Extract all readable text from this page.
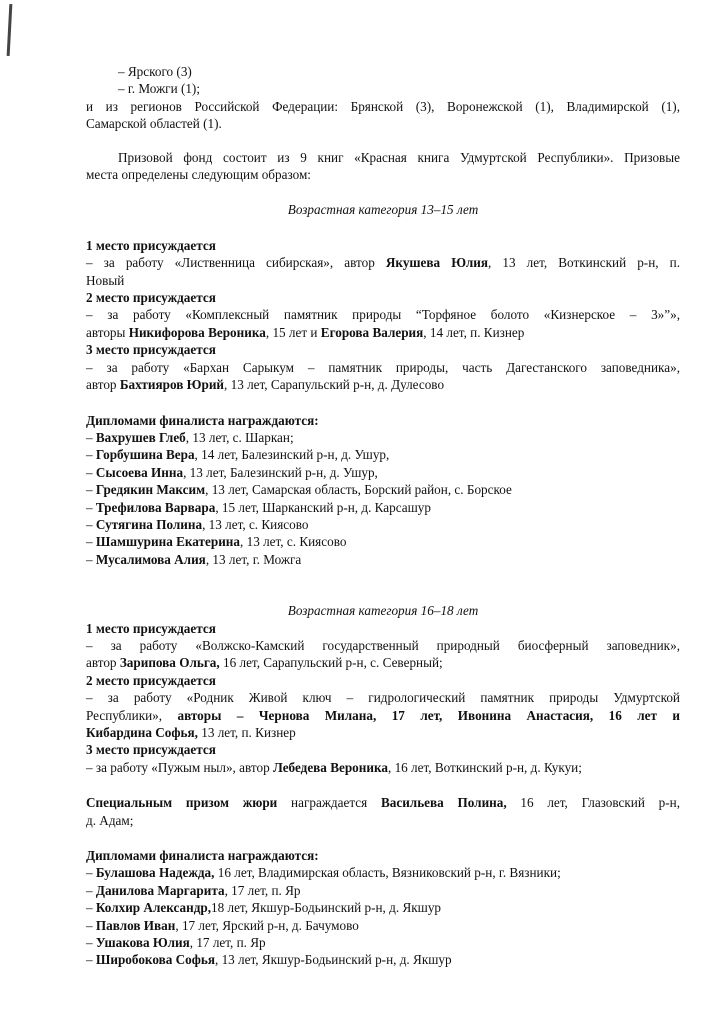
– Ярского (3)
– г. Можги (1);
и из регионов Российской Федерации: Брянской (3), Воронежской (1), Владимирской (1),
Самарской областей (1).
Призовой фонд состоит из 9 книг «Красная книга Удмуртской Республики». Призовые
места определены следующим образом:
Возрастная категория 13–15 лет
1 место присуждается
– за работу «Лиственница сибирская», автор Якушева Юлия, 13 лет, Воткинский р-н, п.
Новый
2 место присуждается
– за работу «Комплексный памятник природы “Торфяное болото «Кизнерское – 3»”»,
авторы Никифорова Вероника, 15 лет и Егорова Валерия, 14 лет, п. Кизнер
3 место присуждается
– за работу «Бархан Сарыкум – памятник природы, часть Дагестанского заповедника»,
автор Бахтияров Юрий, 13 лет, Сарапульский р-н, д. Дулесово
Дипломами финалиста награждаются:
– Вахрушев Глеб, 13 лет, с. Шаркан;
– Горбушина Вера, 14 лет, Балезинский р-н, д. Ушур,
– Сысоева Инна, 13 лет, Балезинский р-н, д. Ушур,
– Гредякин Максим, 13 лет, Самарская область, Борский район, с. Борское
– Трефилова Варвара, 15 лет, Шарканский р-н, д. Карсашур
– Сутягина Полина, 13 лет, с. Киясово
– Шамшурина Екатерина, 13 лет, с. Киясово
– Мусалимова Алия, 13 лет, г. Можга
Возрастная категория 16–18 лет
1 место присуждается
– за работу «Волжско-Камский государственный природный биосферный заповедник»,
автор Зарипова Ольга, 16 лет, Сарапульский р-н, с. Северный;
2 место присуждается
– за работу «Родник Живой ключ – гидрологический памятник природы Удмуртской
Республики», авторы – Чернова Милана, 17 лет, Ивонина Анастасия, 16 лет и
Кибардина Софья, 13 лет, п. Кизнер
3 место присуждается
– за работу «Пужым ныл», автор Лебедева Вероника, 16 лет, Воткинский р-н, д. Кукуи;
Специальным призом жюри награждается Васильева Полина, 16 лет, Глазовский р-н,
д. Адам;
Дипломами финалиста награждаются:
– Булашова Надежда, 16 лет, Владимирская область, Вязниковский р-н, г. Вязники;
– Данилова Маргарита, 17 лет, п. Яр
– Колхир Александр,18 лет, Якшур-Бодьинский р-н, д. Якшур
– Павлов Иван, 17 лет, Ярский р-н, д. Бачумово
– Ушакова Юлия, 17 лет, п. Яр
– Широбокова Софья, 13 лет, Якшур-Бодьинский р-н, д. Якшур
